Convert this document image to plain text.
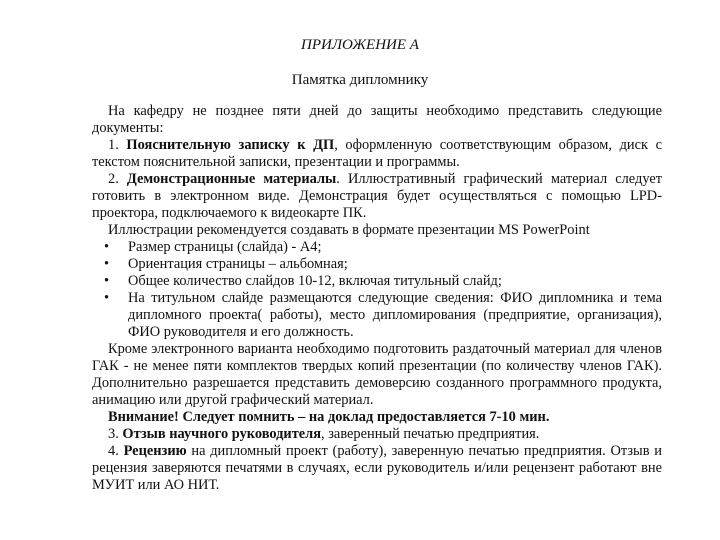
ПРИЛОЖЕНИЕ А
Памятка дипломнику

На кафедру не позднее пяти дней до защиты необходимо представить следующие документы:

1. Пояснительную записку к ДП, оформленную соответствующим образом, диск с текстом пояснительной записки, презентации и программы.

2. Демонстрационные материалы. Иллюстративный графический материал следует готовить в электронном виде. Демонстрация будет осуществляться с помощью LPD-проектора, подключаемого к видеокарте ПК.

Иллюстрации рекомендуется создавать в формате презентации MS PowerPoint

• Размер страницы (слайда) - А4;
• Ориентация страницы – альбомная;
• Общее количество слайдов 10-12, включая титульный слайд;
• На титульном слайде размещаются следующие сведения: ФИО дипломника и тема дипломного проекта( работы), место дипломирования (предприятие, организация), ФИО руководителя и его должность.

Кроме электронного варианта необходимо подготовить раздаточный материал для членов ГАК - не менее пяти комплектов твердых копий презентации (по количеству членов ГАК). Дополнительно разрешается представить демоверсию созданного программного продукта, анимацию или другой графический материал.

Внимание! Следует помнить – на доклад предоставляется 7-10 мин.

3. Отзыв научного руководителя, заверенный печатью предприятия.

4. Рецензию на дипломный проект (работу), заверенную печатью предприятия. Отзыв и рецензия заверяются печатями в случаях, если руководитель и/или рецензент работают вне МУИТ или АО НИТ.
